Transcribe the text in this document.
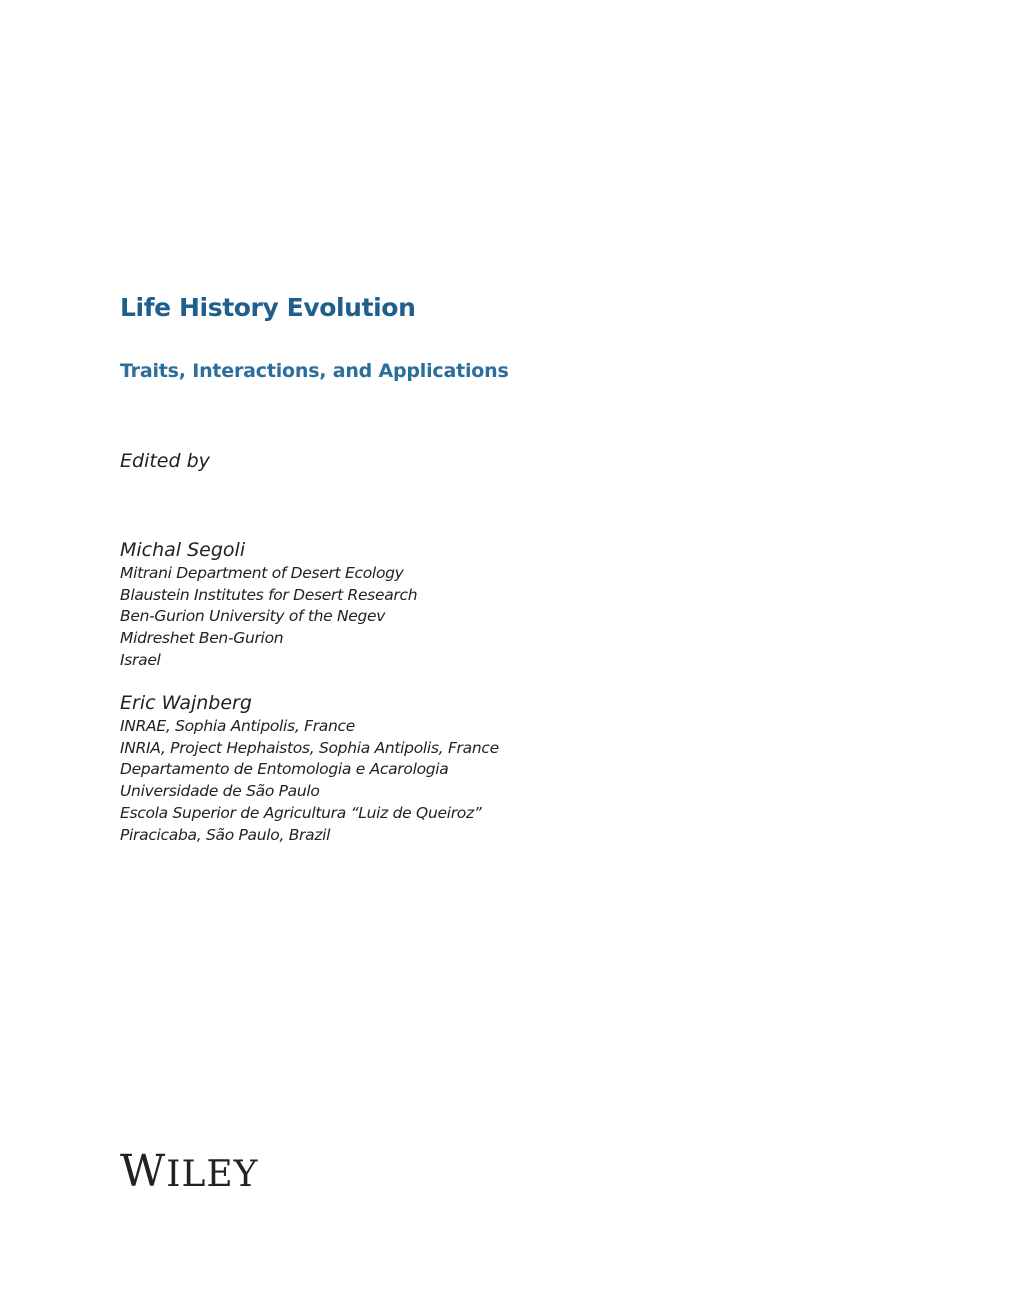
Life History Evolution
Traits, Interactions, and Applications

Edited by

Michal Segoli
Mitrani Department of Desert Ecology
Blaustein Institutes for Desert Research
Ben-Gurion University of the Negev
Midreshet Ben-Gurion
Israel
Eric Wajnberg
INRAE, Sophia Antipolis, France
INRIA, Project Hephaistos, Sophia Antipolis, France
Departamento de Entomologia e Acarologia
Universidade de São Paulo
Escola Superior de Agricultura “Luiz de Queiroz”
Piracicaba, São Paulo, Brazil
WILEY
